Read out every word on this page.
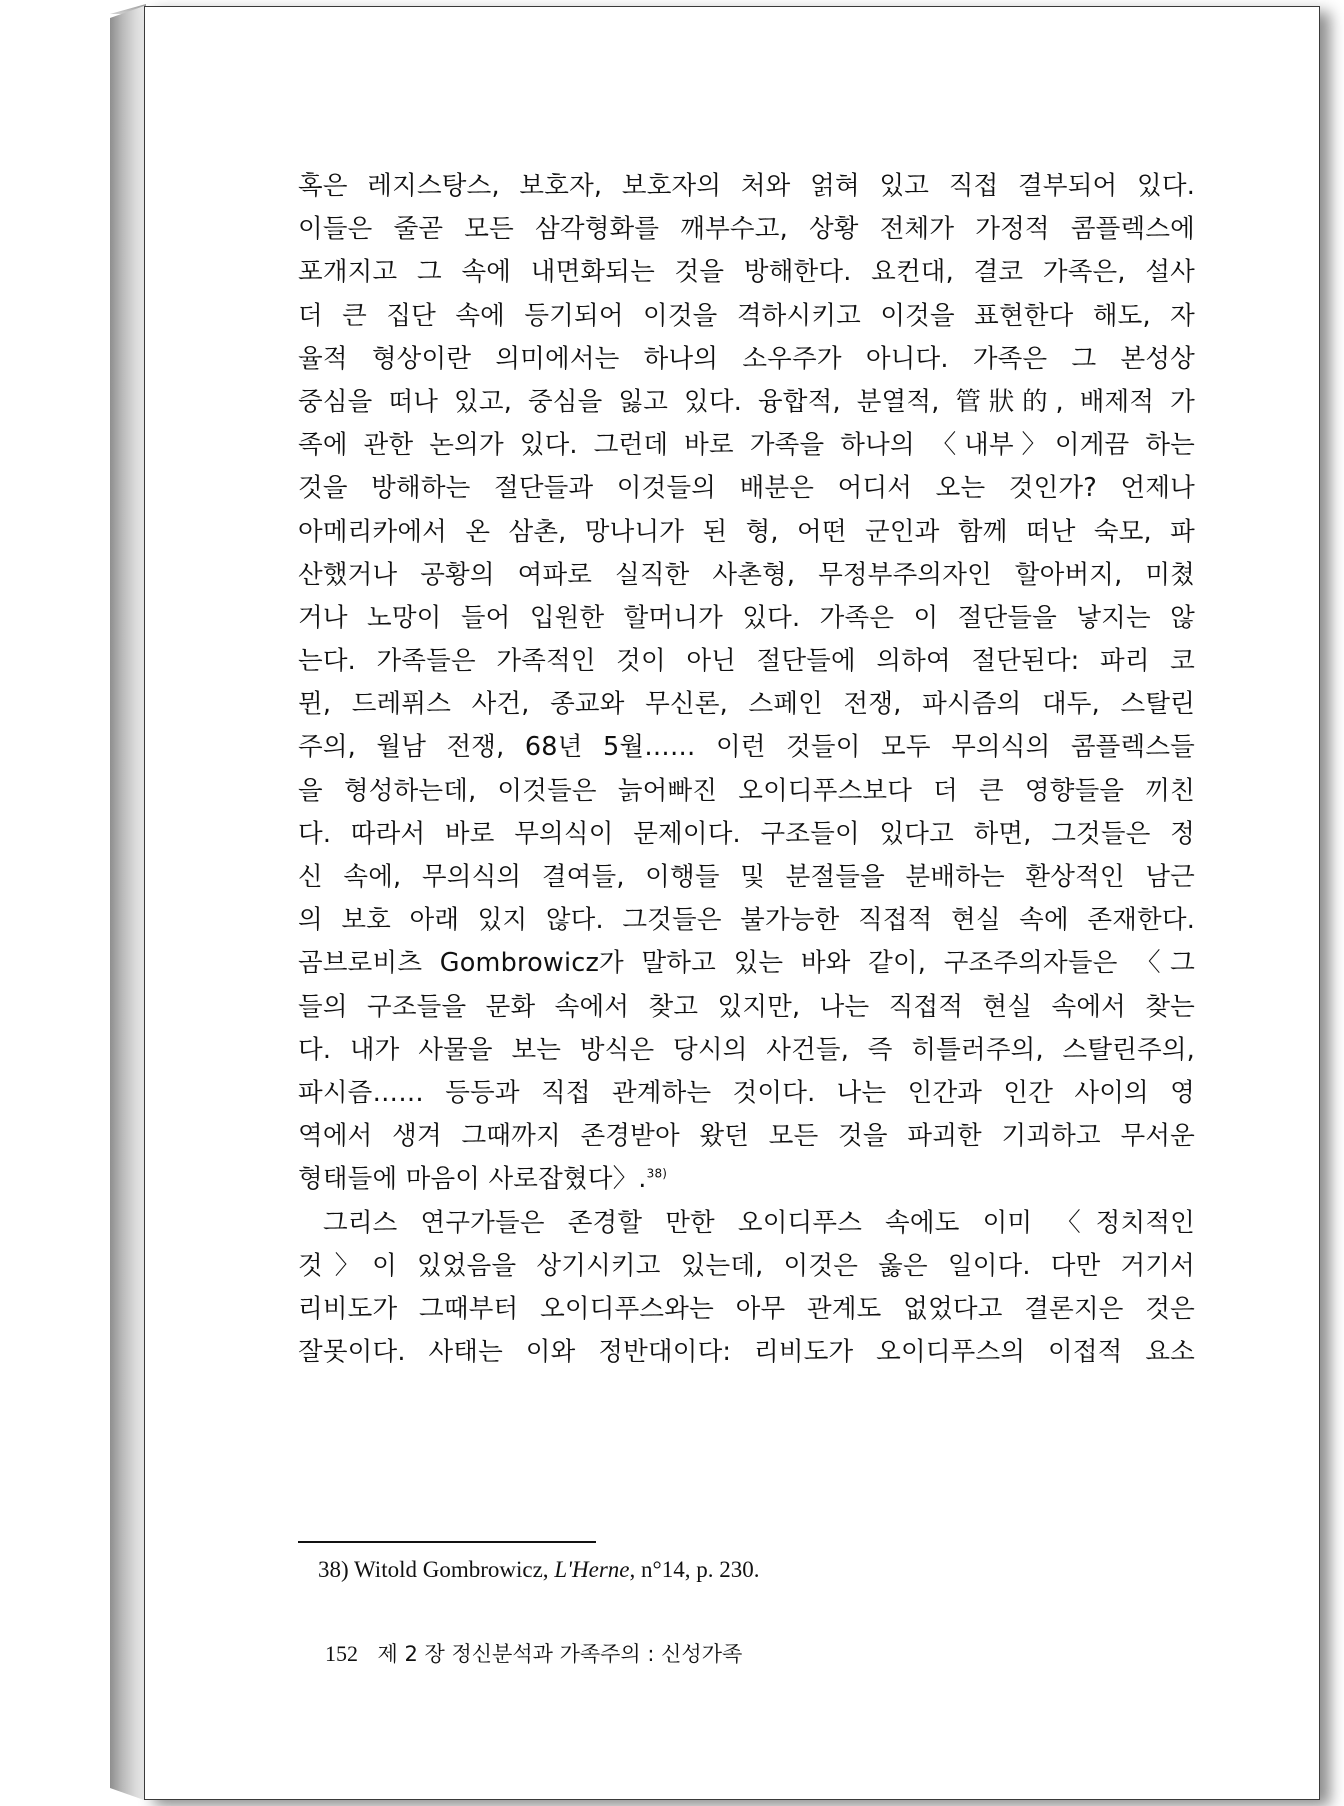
혹은 레지스탕스, 보호자, 보호자의 처와 얽혀 있고 직접 결부되어 있다.
이들은 줄곧 모든 삼각형화를 깨부수고, 상황 전체가 가정적 콤플렉스에
포개지고 그 속에 내면화되는 것을 방해한다. 요컨대, 결코 가족은, 설사
더 큰 집단 속에 등기되어 이것을 격하시키고 이것을 표현한다 해도, 자
율적 형상이란 의미에서는 하나의 소우주가 아니다. 가족은 그 본성상
중심을 떠나 있고, 중심을 잃고 있다. 융합적, 분열적, 管狀的, 배제적 가
족에 관한 논의가 있다. 그런데 바로 가족을 하나의 〈내부〉이게끔 하는
것을 방해하는 절단들과 이것들의 배분은 어디서 오는 것인가? 언제나
아메리카에서 온 삼촌, 망나니가 된 형, 어떤 군인과 함께 떠난 숙모, 파
산했거나 공황의 여파로 실직한 사촌형, 무정부주의자인 할아버지, 미쳤
거나 노망이 들어 입원한 할머니가 있다. 가족은 이 절단들을 낳지는 않
는다. 가족들은 가족적인 것이 아닌 절단들에 의하여 절단된다: 파리 코
뮌, 드레퓌스 사건, 종교와 무신론, 스페인 전쟁, 파시즘의 대두, 스탈린
주의, 월남 전쟁, 68년 5월…… 이런 것들이 모두 무의식의 콤플렉스들
을 형성하는데, 이것들은 늙어빠진 오이디푸스보다 더 큰 영향들을 끼친
다. 따라서 바로 무의식이 문제이다. 구조들이 있다고 하면, 그것들은 정
신 속에, 무의식의 결여들, 이행들 및 분절들을 분배하는 환상적인 남근
의 보호 아래 있지 않다. 그것들은 불가능한 직접적 현실 속에 존재한다.
곰브로비츠 Gombrowicz가 말하고 있는 바와 같이, 구조주의자들은 〈그
들의 구조들을 문화 속에서 찾고 있지만, 나는 직접적 현실 속에서 찾는
다. 내가 사물을 보는 방식은 당시의 사건들, 즉 히틀러주의, 스탈린주의,
파시즘…… 등등과 직접 관계하는 것이다. 나는 인간과 인간 사이의 영
역에서 생겨 그때까지 존경받아 왔던 모든 것을 파괴한 기괴하고 무서운
형태들에 마음이 사로잡혔다〉.$^{38)}$
그리스 연구가들은 존경할 만한 오이디푸스 속에도 이미 〈정치적인
것〉이 있었음을 상기시키고 있는데, 이것은 옳은 일이다. 다만 거기서
리비도가 그때부터 오이디푸스와는 아무 관계도 없었다고 결론지은 것은
잘못이다. 사태는 이와 정반대이다: 리비도가 오이디푸스의 이접적 요소
38) Witold Gombrowicz, L'Herne, n°14, p. 230.
152 제 2 장 정신분석과 가족주의 : 신성가족
